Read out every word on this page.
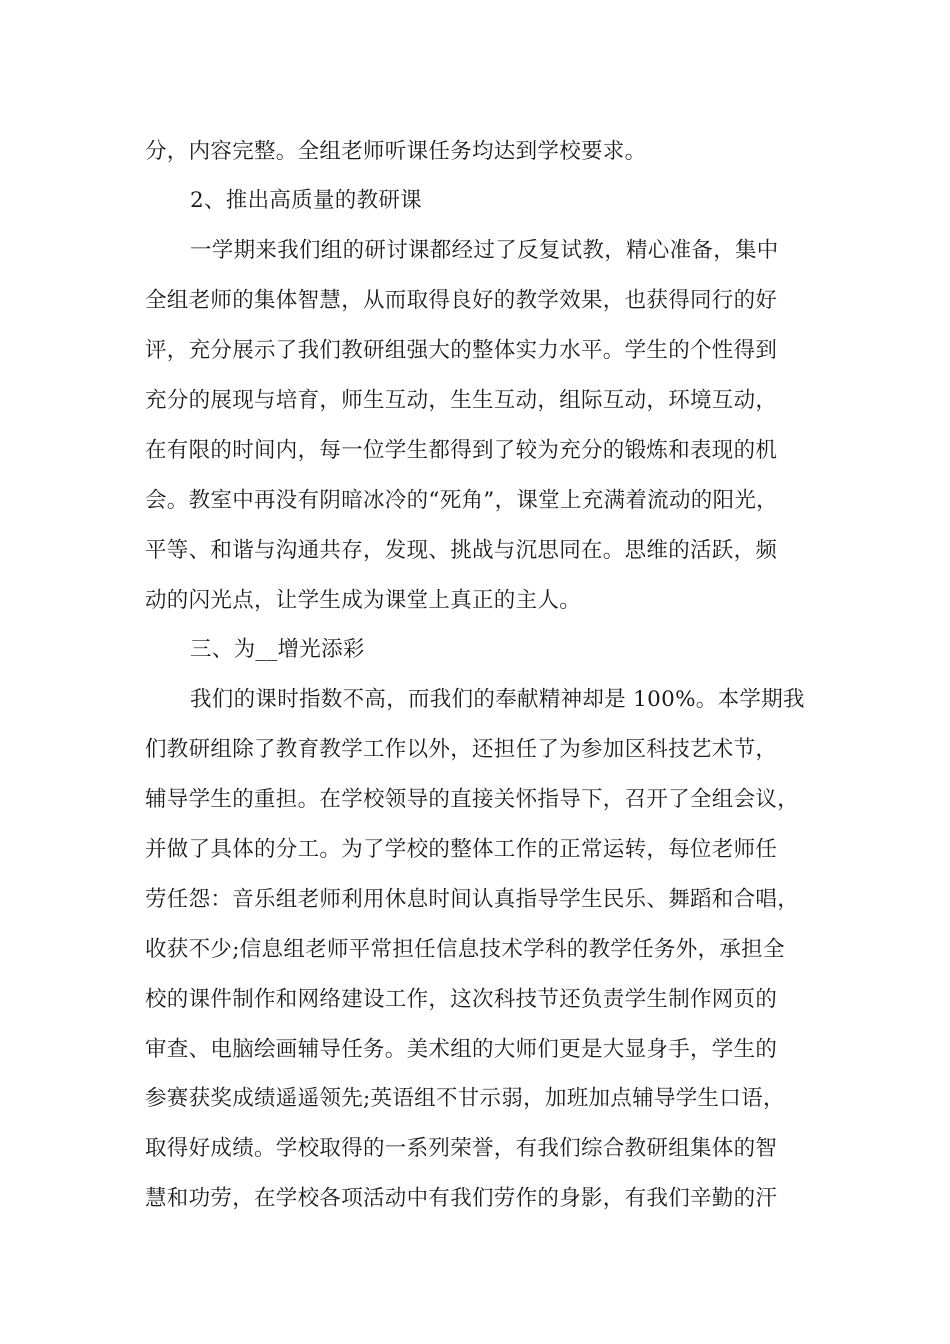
分，内容完整。全组老师听课任务均达到学校要求。
2、推出高质量的教研课
一学期来我们组的研讨课都经过了反复试教，精心准备，集中
全组老师的集体智慧，从而取得良好的教学效果，也获得同行的好
评，充分展示了我们教研组强大的整体实力水平。学生的个性得到
充分的展现与培育，师生互动，生生互动，组际互动，环境互动，
在有限的时间内，每一位学生都得到了较为充分的锻炼和表现的机
会。教室中再没有阴暗冰冷的“死角”，课堂上充满着流动的阳光，
平等、和谐与沟通共存，发现、挑战与沉思同在。思维的活跃，频
动的闪光点，让学生成为课堂上真正的主人。
三、为__增光添彩
我们的课时指数不高，而我们的奉献精神却是 100%。本学期我
们教研组除了教育教学工作以外，还担任了为参加区科技艺术节，
辅导学生的重担。在学校领导的直接关怀指导下，召开了全组会议，
并做了具体的分工。为了学校的整体工作的正常运转，每位老师任
劳任怨：音乐组老师利用休息时间认真指导学生民乐、舞蹈和合唱，
收获不少;信息组老师平常担任信息技术学科的教学任务外，承担全
校的课件制作和网络建设工作，这次科技节还负责学生制作网页的
审查、电脑绘画辅导任务。美术组的大师们更是大显身手，学生的
参赛获奖成绩遥遥领先;英语组不甘示弱，加班加点辅导学生口语，
取得好成绩。学校取得的一系列荣誉，有我们综合教研组集体的智
慧和功劳，在学校各项活动中有我们劳作的身影，有我们辛勤的汗
